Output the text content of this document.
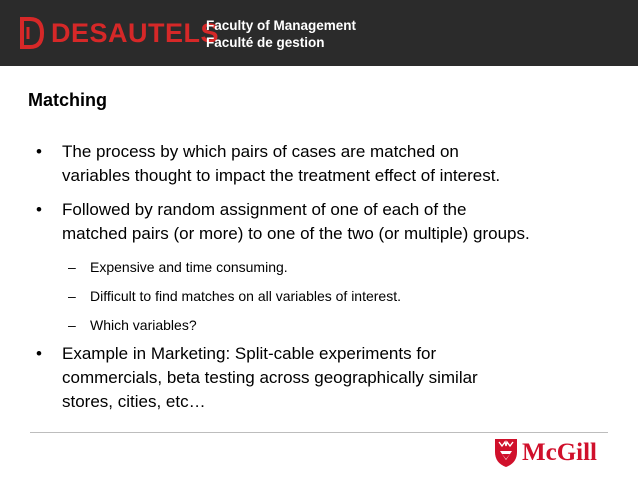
DESAUTELS
Faculty of Management
Faculté de gestion
Matching
• The process by which pairs of cases are matched on
variables thought to impact the treatment effect of interest.
• Followed by random assignment of one of each of the
matched pairs (or more) to one of the two (or multiple) groups.
– Expensive and time consuming.
– Difficult to find matches on all variables of interest.
– Which variables?
• Example in Marketing: Split-cable experiments for
commercials, beta testing across geographically similar
stores, cities, etc…
McGill
